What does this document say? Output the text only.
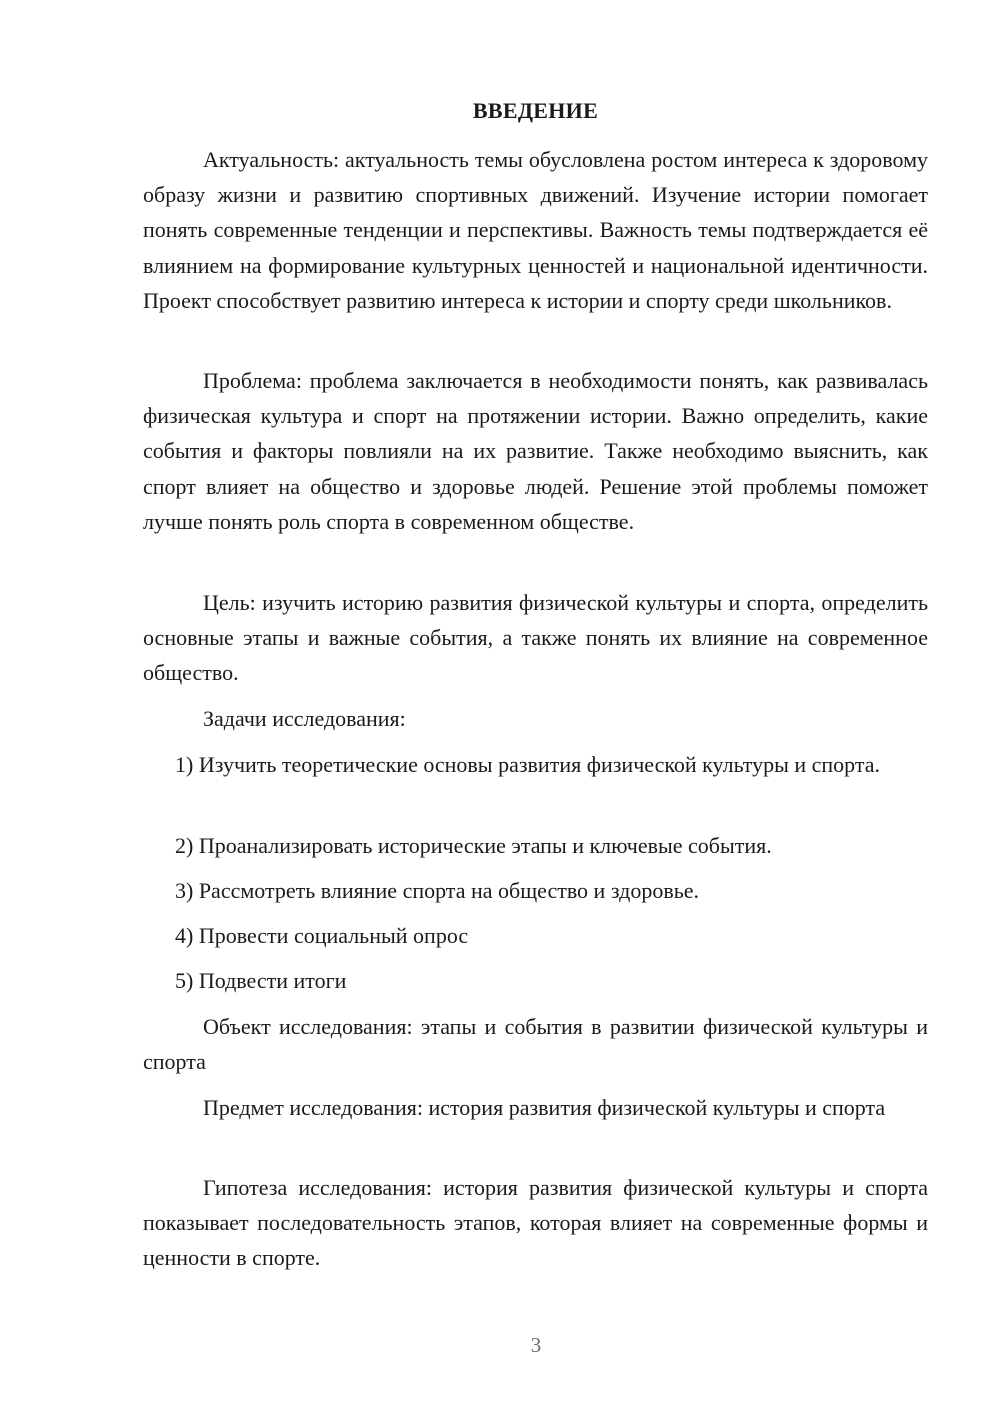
ВВЕДЕНИЕ

Актуальность: актуальность темы обусловлена ростом интереса к здоровому образу жизни и развитию спортивных движений. Изучение истории помогает понять современные тенденции и перспективы. Важность темы подтверждается её влиянием на формирование культурных ценностей и национальной идентичности. Проект способствует развитию интереса к истории и спорту среди школьников.

Проблема: проблема заключается в необходимости понять, как развивалась физическая культура и спорт на протяжении истории. Важно определить, какие события и факторы повлияли на их развитие. Также необходимо выяснить, как спорт влияет на общество и здоровье людей. Решение этой проблемы поможет лучше понять роль спорта в современном обществе.

Цель: изучить историю развития физической культуры и спорта, определить основные этапы и важные события, а также понять их влияние на современное общество.

Задачи исследования:

1) Изучить теоретические основы развития физической культуры и спорта.

2) Проанализировать исторические этапы и ключевые события.

3) Рассмотреть влияние спорта на общество и здоровье.

4) Провести социальный опрос

5) Подвести итоги

Объект исследования: этапы и события в развитии физической культуры и спорта

Предмет исследования: история развития физической культуры и спорта

Гипотеза исследования: история развития физической культуры и спорта показывает последовательность этапов, которая влияет на современные формы и ценности в спорте.

3
